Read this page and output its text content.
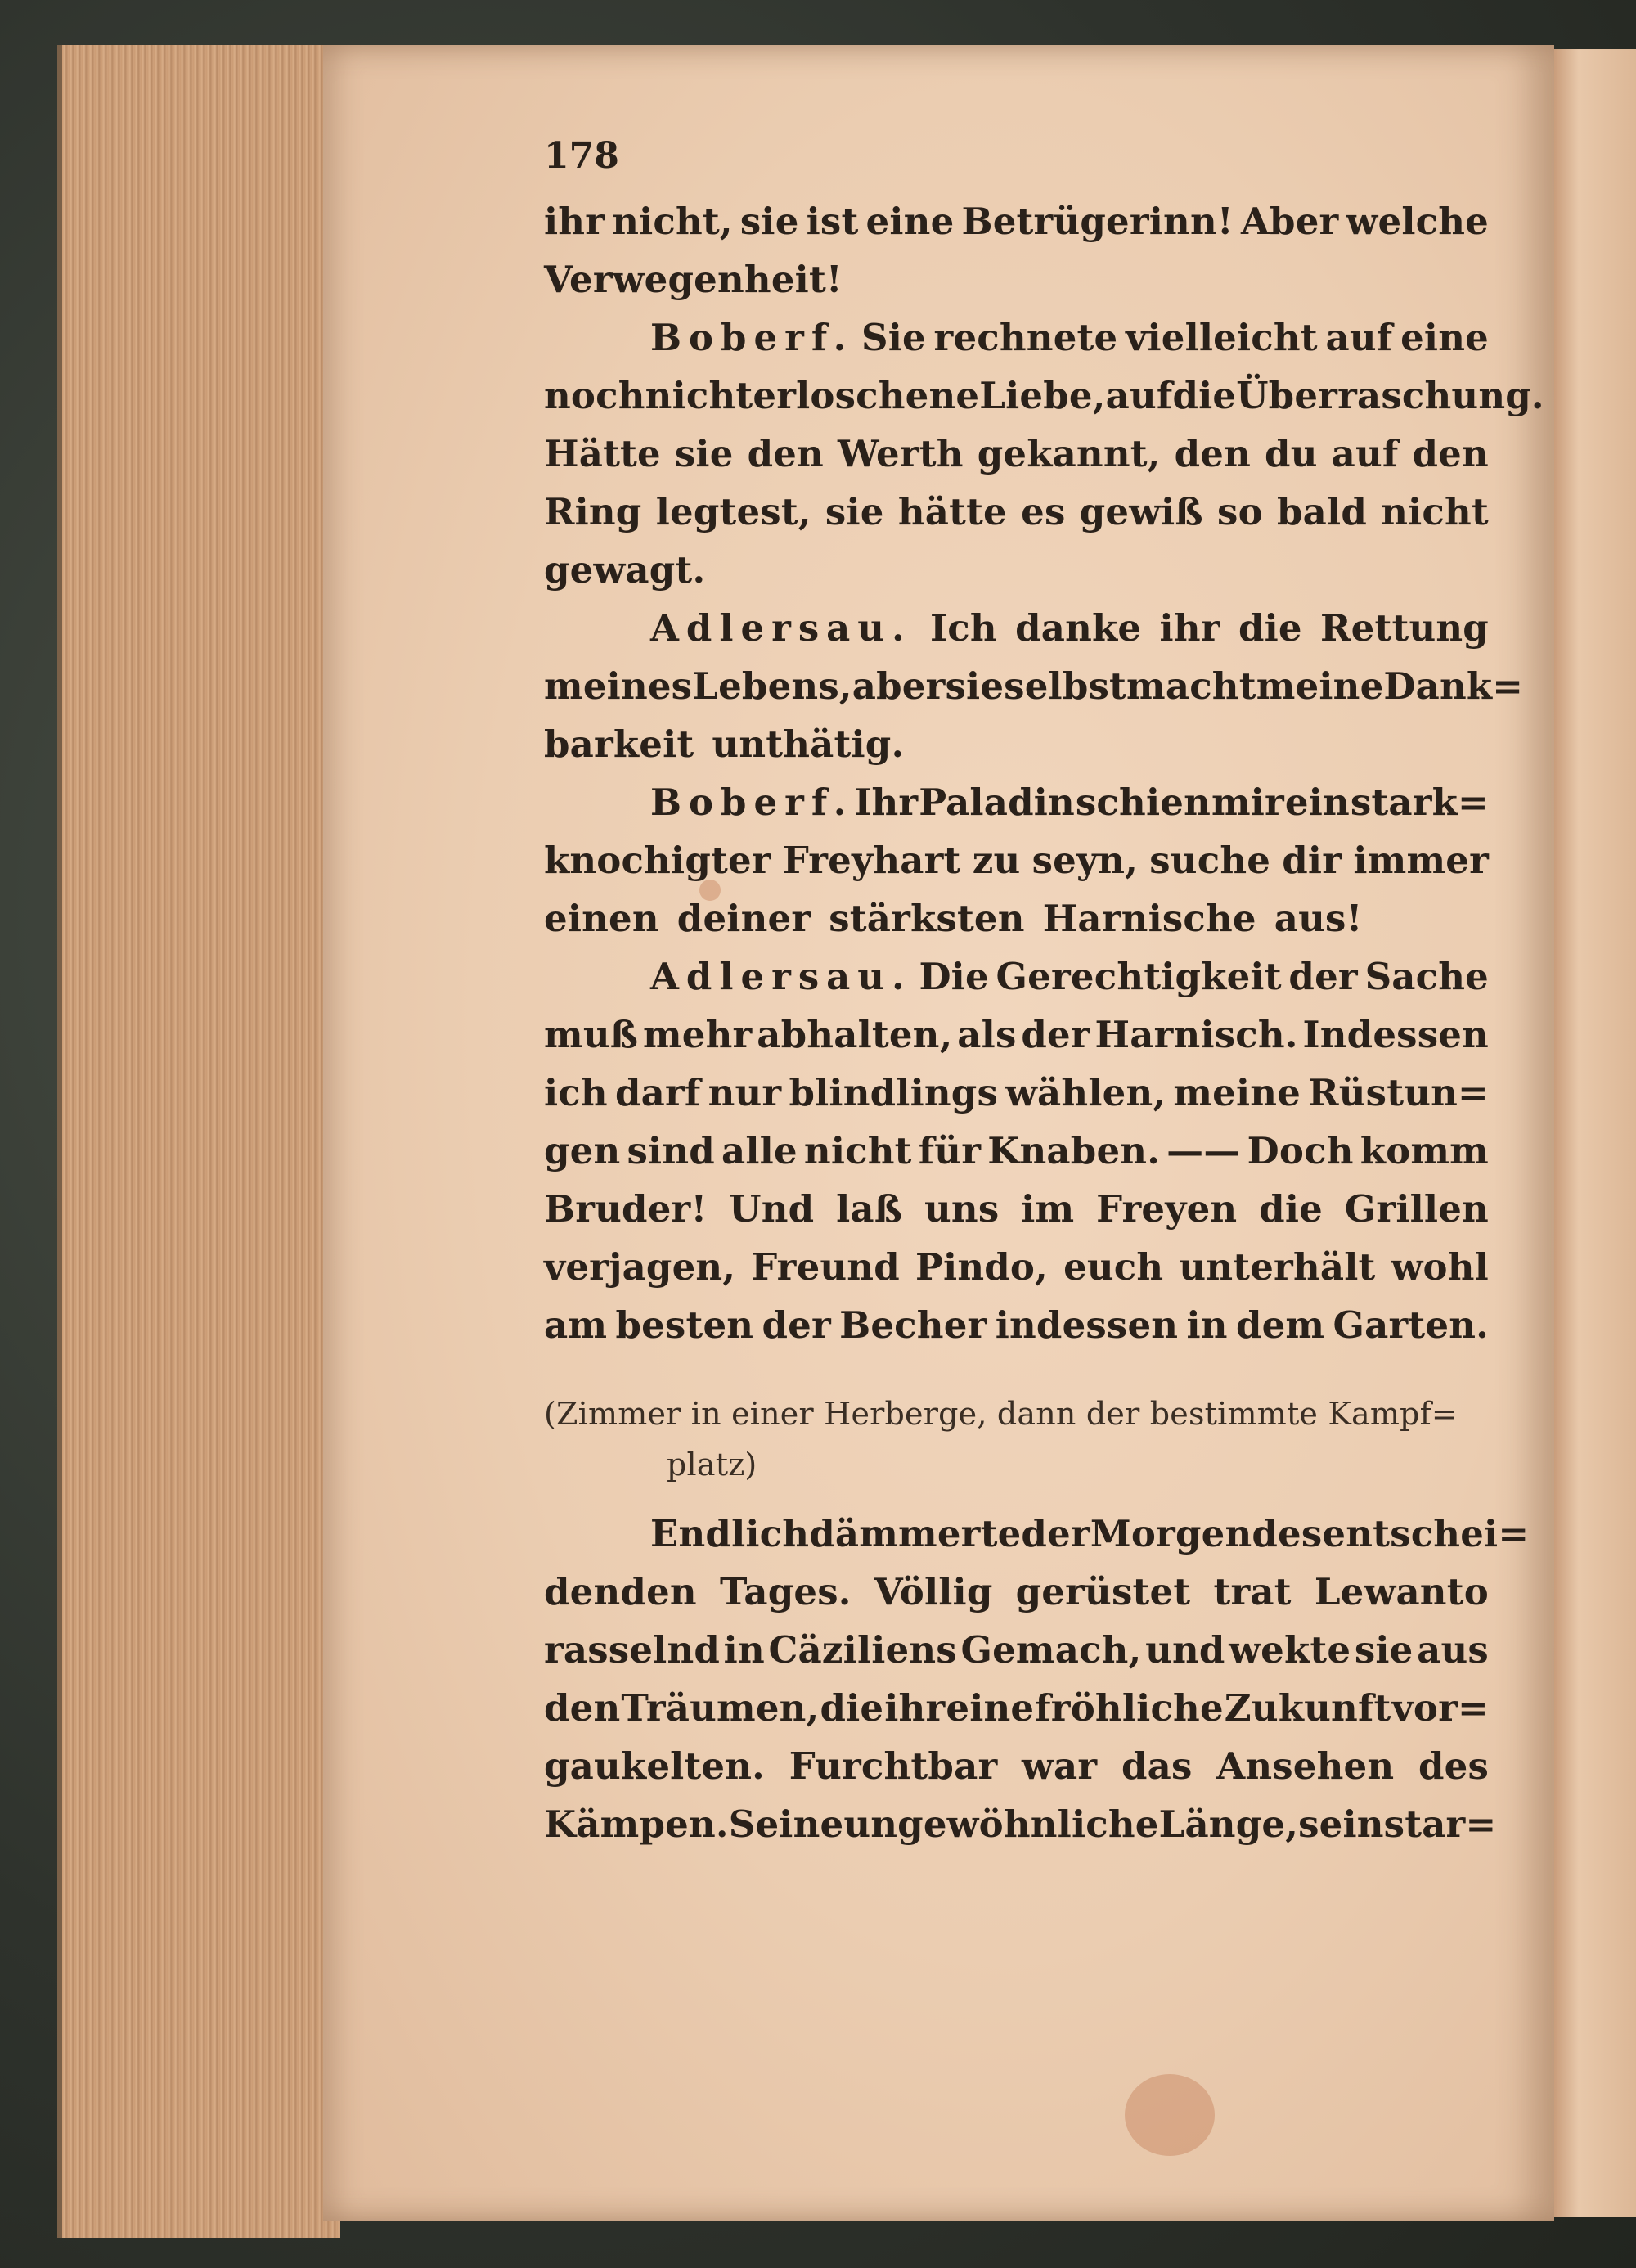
178
ihr nicht, sie ist eine Betrügerinn! Aber welche
Verwegenheit!
Boberf. Sie rechnete vielleicht auf eine
noch nicht erloschene Liebe, auf die Überraschung.
Hätte sie den Werth gekannt, den du auf den
Ring legtest, sie hätte es gewiß so bald nicht
gewagt.
Adlersau. Ich danke ihr die Rettung
meines Lebens, aber sie selbst macht meine Dank=
barkeit unthätig.
Boberf. Ihr Paladin schien mir ein stark=
knochigter Freyhart zu seyn, suche dir immer
einen deiner stärksten Harnische aus!
Adlersau. Die Gerechtigkeit der Sache
muß mehr abhalten, als der Harnisch. Indessen
ich darf nur blindlings wählen, meine Rüstun=
gen sind alle nicht für Knaben. —— Doch komm
Bruder! Und laß uns im Freyen die Grillen
verjagen, Freund Pindo, euch unterhält wohl
am besten der Becher indessen in dem Garten.
(Zimmer in einer Herberge, dann der bestimmte Kampf=
platz)
Endlich dämmerte der Morgen des entschei=
denden Tages. Völlig gerüstet trat Lewanto
rasselnd in Cäziliens Gemach, und wekte sie aus
den Träumen, die ihr eine fröhliche Zukunft vor=
gaukelten. Furchtbar war das Ansehen des
Kämpen. Seine ungewöhnliche Länge, sein star=
